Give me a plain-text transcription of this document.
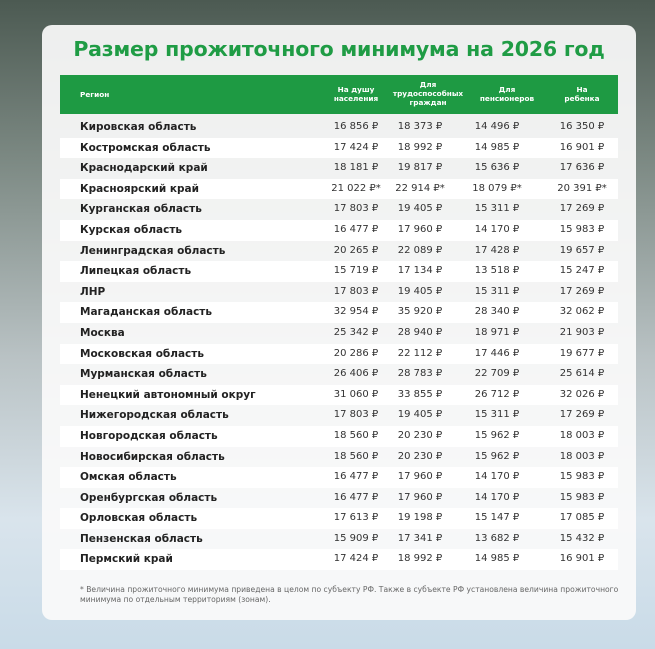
Размер прожиточного минимума на 2026 год
Регион
На душу населения
Для трудоспособных граждан
Для пенсионеров
На ребенка
Кировская область	16 856 ₽	18 373 ₽	14 496 ₽	16 350 ₽
Костромская область	17 424 ₽	18 992 ₽	14 985 ₽	16 901 ₽
Краснодарский край	18 181 ₽	19 817 ₽	15 636 ₽	17 636 ₽
Красноярский край	21 022 ₽*	22 914 ₽*	18 079 ₽*	20 391 ₽*
Курганская область	17 803 ₽	19 405 ₽	15 311 ₽	17 269 ₽
Курская область	16 477 ₽	17 960 ₽	14 170 ₽	15 983 ₽
Ленинградская область	20 265 ₽	22 089 ₽	17 428 ₽	19 657 ₽
Липецкая область	15 719 ₽	17 134 ₽	13 518 ₽	15 247 ₽
ЛНР	17 803 ₽	19 405 ₽	15 311 ₽	17 269 ₽
Магаданская область	32 954 ₽	35 920 ₽	28 340 ₽	32 062 ₽
Москва	25 342 ₽	28 940 ₽	18 971 ₽	21 903 ₽
Московская область	20 286 ₽	22 112 ₽	17 446 ₽	19 677 ₽
Мурманская область	26 406 ₽	28 783 ₽	22 709 ₽	25 614 ₽
Ненецкий автономный округ	31 060 ₽	33 855 ₽	26 712 ₽	32 026 ₽
Нижегородская область	17 803 ₽	19 405 ₽	15 311 ₽	17 269 ₽
Новгородская область	18 560 ₽	20 230 ₽	15 962 ₽	18 003 ₽
Новосибирская область	18 560 ₽	20 230 ₽	15 962 ₽	18 003 ₽
Омская область	16 477 ₽	17 960 ₽	14 170 ₽	15 983 ₽
Оренбургская область	16 477 ₽	17 960 ₽	14 170 ₽	15 983 ₽
Орловская область	17 613 ₽	19 198 ₽	15 147 ₽	17 085 ₽
Пензенская область	15 909 ₽	17 341 ₽	13 682 ₽	15 432 ₽
Пермский край	17 424 ₽	18 992 ₽	14 985 ₽	16 901 ₽
* Величина прожиточного минимума приведена в целом по субъекту РФ. Также в субъекте РФ установлена величина прожиточного минимума по отдельным территориям (зонам).
